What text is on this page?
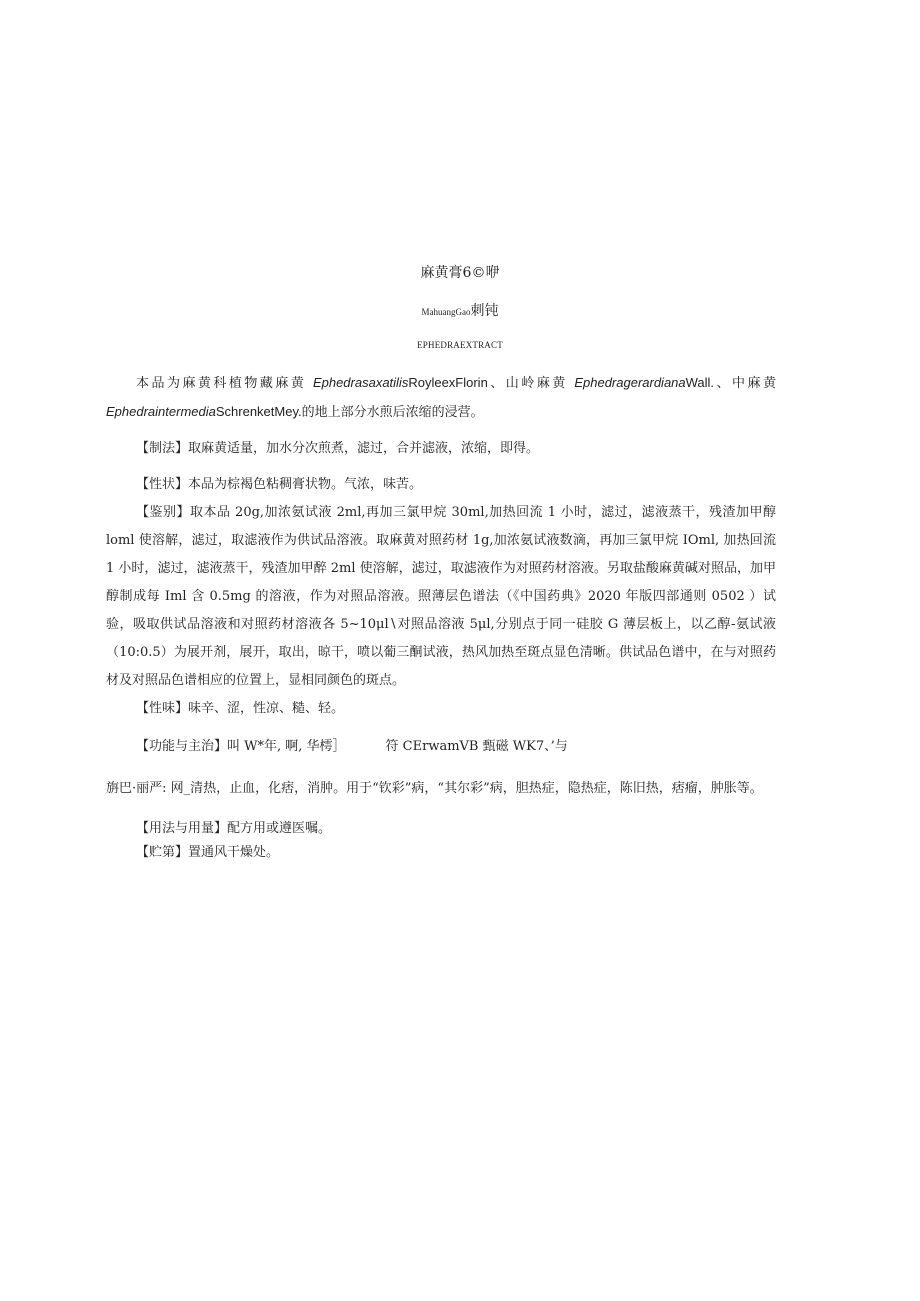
麻黄膏6©咿
MahuangGao刺钝
EPHEDRAEXTRACT

本品为麻黄科植物藏麻黄 EphedrasaxatilisRoyleexFlorin、山岭麻黄 EphedragerardianaWall.、中麻黄 EphedraintermediaSchrenketMey.的地上部分水煎后浓缩的浸营。

【制法】取麻黄适量，加水分次煎煮，滤过，合并滤液，浓缩，即得。

【性状】本品为棕褐色粘稠膏状物。气浓，味苦。

【鉴别】取本品 20g,加浓氨试液 2ml,再加三氯甲烷 30ml,加热回流 1 小时，滤过，滤液蒸干，残渣加甲醇 loml 使溶解，滤过，取滤液作为供试品溶液。取麻黄对照药材 1g,加浓氨试液数滴，再加三氯甲烷 IOml, 加热回流 1 小时，滤过，滤液蒸干，残渣加甲醉 2ml 使溶解，滤过，取滤液作为对照药材溶液。另取盐酸麻黄碱对照品，加甲醇制成每 Iml 含 0.5mg 的溶液，作为对照品溶液。照薄层色谱法（《中国药典》2020 年版四部通则 0502 ）试验，吸取供试品溶液和对照药材溶液各 5~10μl∖对照品溶液 5μl,分别点于同一硅胶 G 薄层板上，以乙醇-氨试液（10:0.5）为展开剂，展开，取出，晾干，喷以葡三酮试液，热风加热至斑点显色清晰。供试品色谱中，在与对照药材及对照品色谱相应的位置上，显相同颜色的斑点。

【性味】味辛、涩，性凉、糙、轻。

【功能与主治】叫 W*年, 啊, 华樗］	符 CErwamVB 甄磁 WK7、’与

旃巴·丽严: 网_清热，止血，化痞，消肿。用于“钦彩”病，“其尔彩”病，胆热症，隐热症，陈旧热，痞瘤，肿胀等。

【用法与用量】配方用或遵医嘱。

【贮第】置通风干燥处。
